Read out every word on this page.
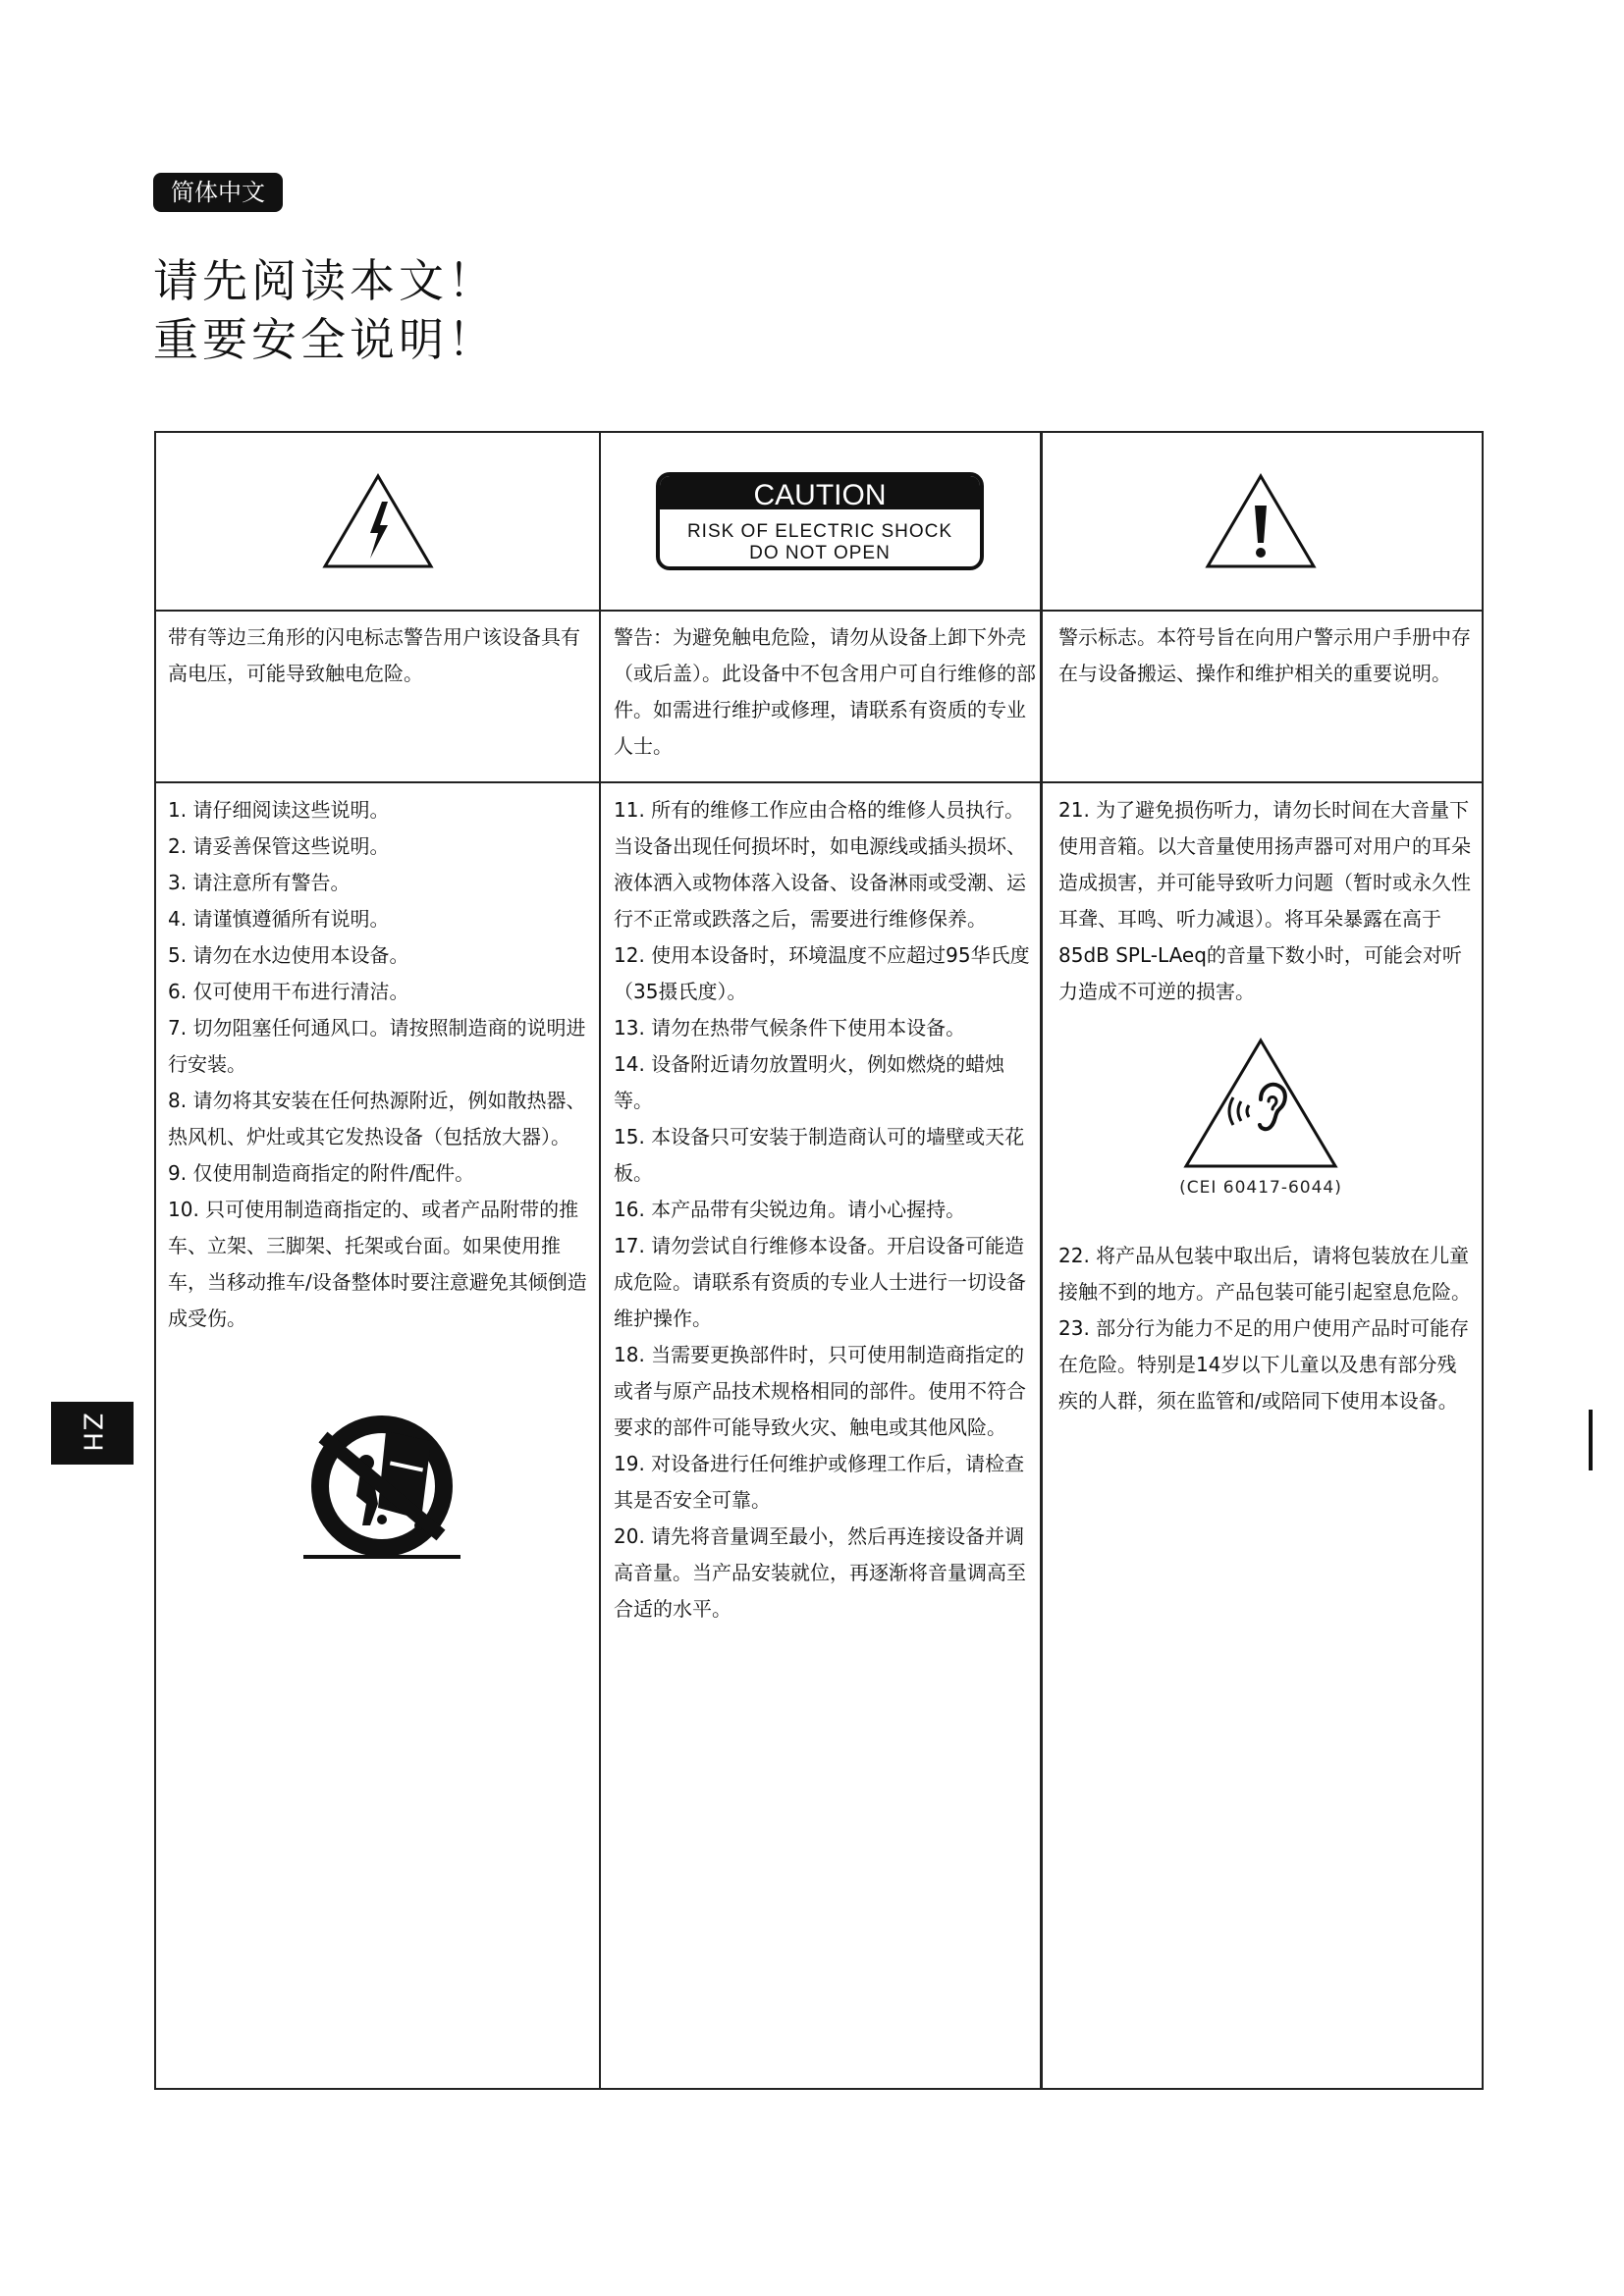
简体中文
请先阅读本文！
重要安全说明！
ZH
CAUTION
RISK OF ELECTRIC SHOCK
DO NOT OPEN

带有等边三角形的闪电标志警告用户该设备具有高电压，可能导致触电危险。

警告：为避免触电危险，请勿从设备上卸下外壳（或后盖）。此设备中不包含用户可自行维修的部件。如需进行维护或修理，请联系有资质的专业人士。

警示标志。本符号旨在向用户警示用户手册中存在与设备搬运、操作和维护相关的重要说明。

1. 请仔细阅读这些说明。
2. 请妥善保管这些说明。
3. 请注意所有警告。
4. 请谨慎遵循所有说明。
5. 请勿在水边使用本设备。
6. 仅可使用干布进行清洁。
7. 切勿阻塞任何通风口。请按照制造商的说明进行安装。
8. 请勿将其安装在任何热源附近，例如散热器、热风机、炉灶或其它发热设备（包括放大器）。
9. 仅使用制造商指定的附件/配件。
10. 只可使用制造商指定的、或者产品附带的推车、立架、三脚架、托架或台面。如果使用推车，当移动推车/设备整体时要注意避免其倾倒造成受伤。
11. 所有的维修工作应由合格的维修人员执行。当设备出现任何损坏时，如电源线或插头损坏、液体洒入或物体落入设备、设备淋雨或受潮、运行不正常或跌落之后，需要进行维修保养。
12. 使用本设备时，环境温度不应超过95华氏度（35摄氏度）。
13. 请勿在热带气候条件下使用本设备。
14. 设备附近请勿放置明火，例如燃烧的蜡烛等。
15. 本设备只可安装于制造商认可的墙壁或天花板。
16. 本产品带有尖锐边角。请小心握持。
17. 请勿尝试自行维修本设备。开启设备可能造成危险。请联系有资质的专业人士进行一切设备维护操作。
18. 当需要更换部件时，只可使用制造商指定的或者与原产品技术规格相同的部件。使用不符合要求的部件可能导致火灾、触电或其他风险。
19. 对设备进行任何维护或修理工作后，请检查其是否安全可靠。
20. 请先将音量调至最小，然后再连接设备并调高音量。当产品安装就位，再逐渐将音量调高至合适的水平。
21. 为了避免损伤听力，请勿长时间在大音量下使用音箱。以大音量使用扬声器可对用户的耳朵造成损害，并可能导致听力问题（暂时或永久性耳聋、耳鸣、听力减退）。将耳朵暴露在高于85dB SPL-LAeq的音量下数小时，可能会对听力造成不可逆的损害。
(CEI 60417-6044)
22. 将产品从包装中取出后，请将包装放在儿童接触不到的地方。产品包装可能引起窒息危险。
23. 部分行为能力不足的用户使用产品时可能存在危险。特别是14岁以下儿童以及患有部分残疾的人群，须在监管和/或陪同下使用本设备。
